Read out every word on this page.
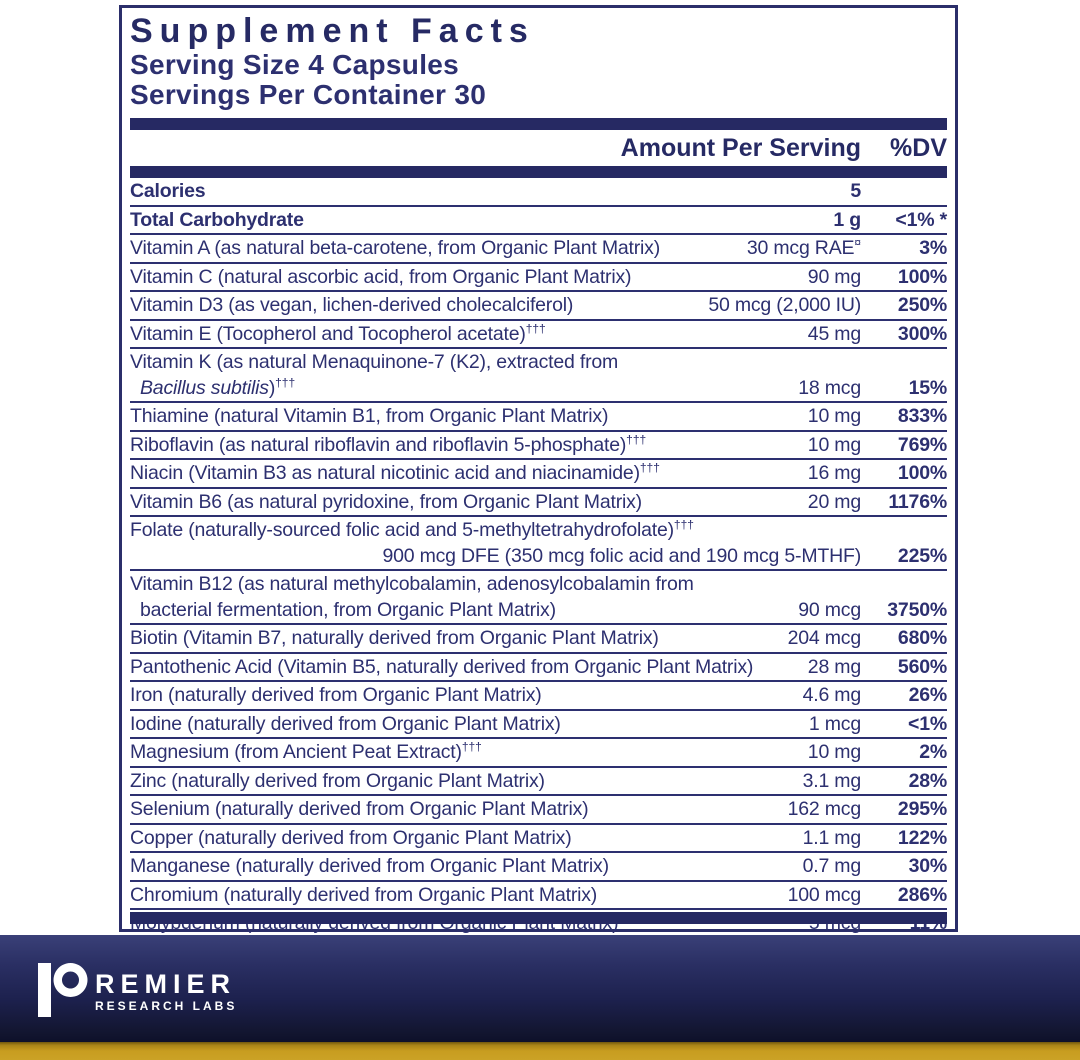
Supplement Facts
Serving Size 4 Capsules
Servings Per Container 30
Amount Per Serving	%DV
Calories	5
Total Carbohydrate	1 g	<1% *
Vitamin A (as natural beta-carotene, from Organic Plant Matrix)	30 mcg RAE¤	3%
Vitamin C (natural ascorbic acid, from Organic Plant Matrix)	90 mg	100%
Vitamin D3 (as vegan, lichen-derived cholecalciferol)	50 mcg (2,000 IU)	250%
Vitamin E (Tocopherol and Tocopherol acetate)†††	45 mg	300%
Vitamin K (as natural Menaquinone-7 (K2), extracted from
Bacillus subtilis)†††	18 mcg	15%
Thiamine (natural Vitamin B1, from Organic Plant Matrix)	10 mg	833%
Riboflavin (as natural riboflavin and riboflavin 5-phosphate)†††	10 mg	769%
Niacin (Vitamin B3 as natural nicotinic acid and niacinamide)†††	16 mg	100%
Vitamin B6 (as natural pyridoxine, from Organic Plant Matrix)	20 mg	1176%
Folate (naturally-sourced folic acid and 5-methyltetrahydrofolate)†††
900 mcg DFE (350 mcg folic acid and 190 mcg 5-MTHF)	225%
Vitamin B12 (as natural methylcobalamin, adenosylcobalamin from
bacterial fermentation, from Organic Plant Matrix)	90 mcg	3750%
Biotin (Vitamin B7, naturally derived from Organic Plant Matrix)	204 mcg	680%
Pantothenic Acid (Vitamin B5, naturally derived from Organic Plant Matrix)	28 mg	560%
Iron (naturally derived from Organic Plant Matrix)	4.6 mg	26%
Iodine (naturally derived from Organic Plant Matrix)	1 mcg	<1%
Magnesium (from Ancient Peat Extract)†††	10 mg	2%
Zinc (naturally derived from Organic Plant Matrix)	3.1 mg	28%
Selenium (naturally derived from Organic Plant Matrix)	162 mcg	295%
Copper (naturally derived from Organic Plant Matrix)	1.1 mg	122%
Manganese (naturally derived from Organic Plant Matrix)	0.7 mg	30%
Chromium (naturally derived from Organic Plant Matrix)	100 mcg	286%
REMIER
RESEARCH LABS
